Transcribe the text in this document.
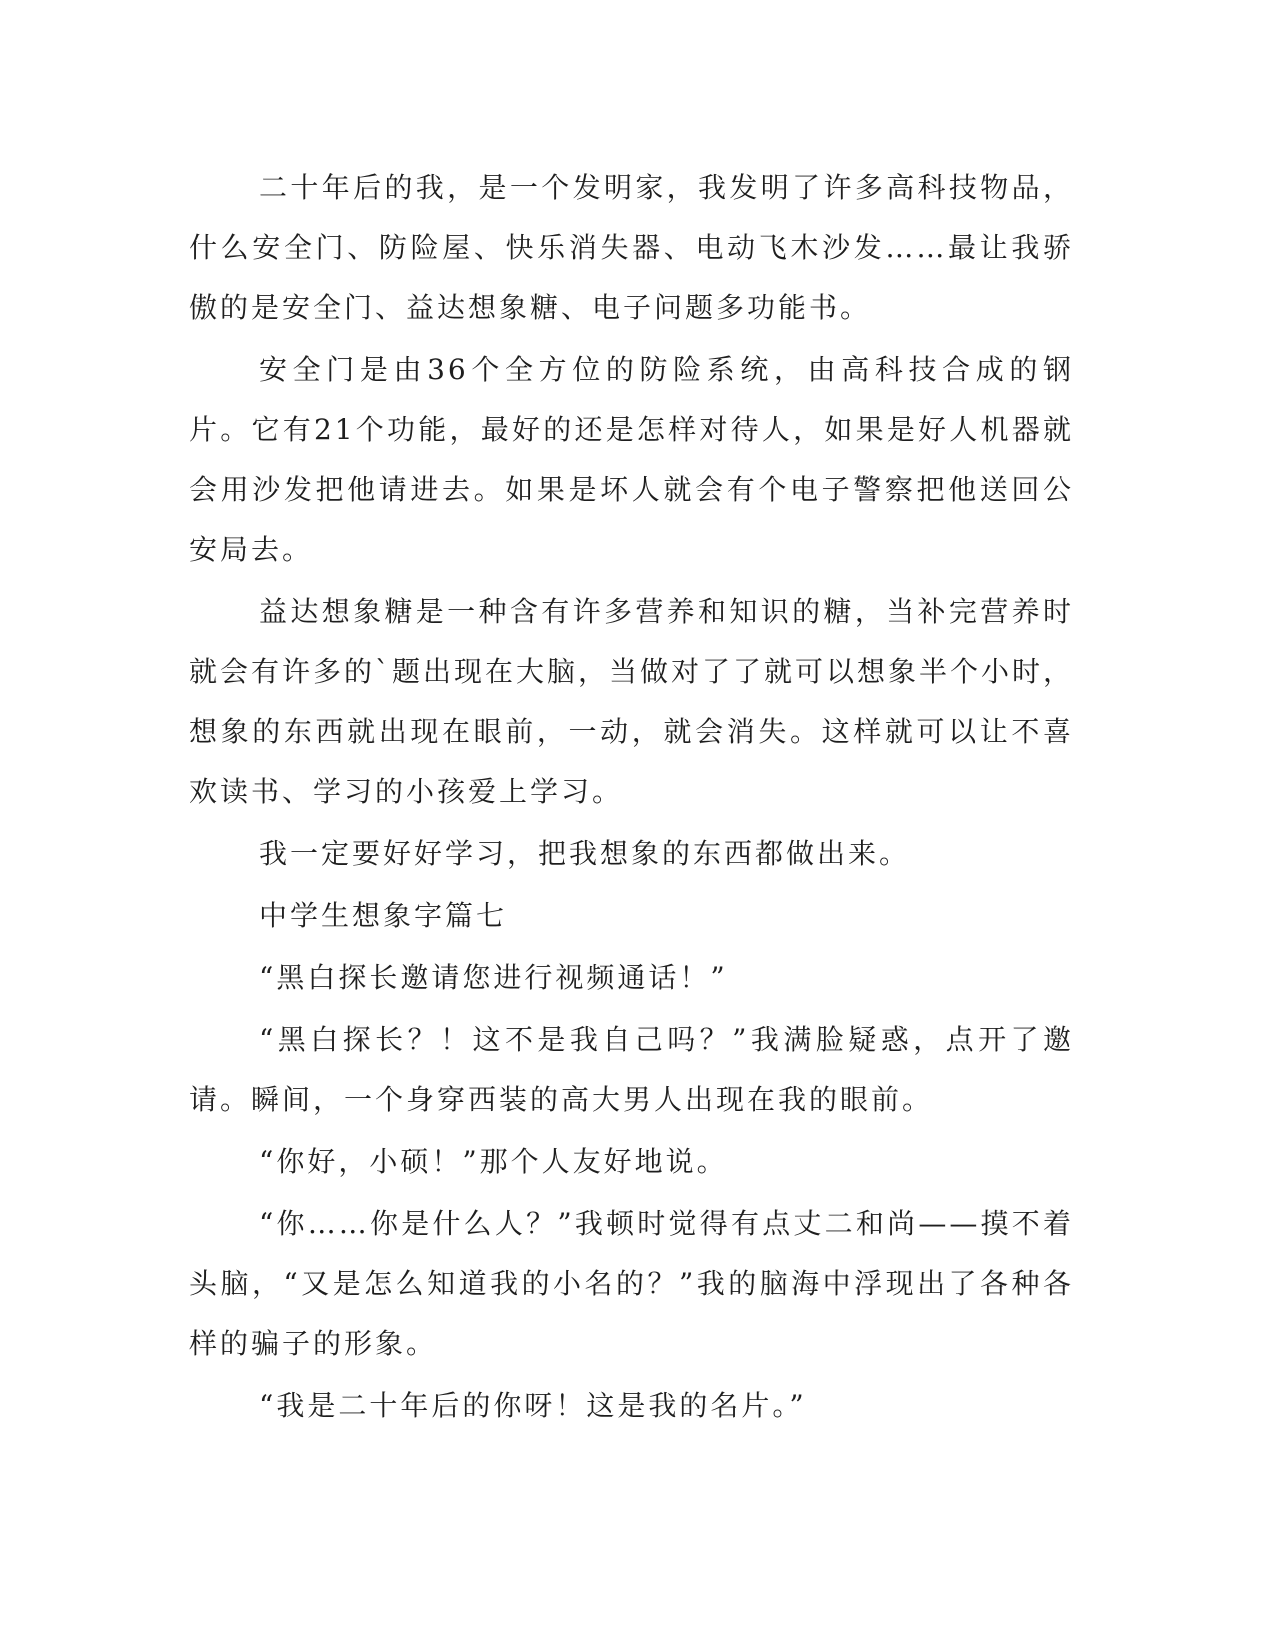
二十年后的我，是一个发明家，我发明了许多高科技物品，什么安全门、防险屋、快乐消失器、电动飞木沙发……最让我骄傲的是安全门、益达想象糖、电子问题多功能书。

安全门是由36个全方位的防险系统，由高科技合成的钢片。它有21个功能，最好的还是怎样对待人，如果是好人机器就会用沙发把他请进去。如果是坏人就会有个电子警察把他送回公安局去。

益达想象糖是一种含有许多营养和知识的糖，当补完营养时就会有许多的`题出现在大脑，当做对了了就可以想象半个小时，想象的东西就出现在眼前，一动，就会消失。这样就可以让不喜欢读书、学习的小孩爱上学习。

我一定要好好学习，把我想象的东西都做出来。

中学生想象字篇七

“黑白探长邀请您进行视频通话！”

“黑白探长？！这不是我自己吗？”我满脸疑惑，点开了邀请。瞬间，一个身穿西装的高大男人出现在我的眼前。

“你好，小硕！”那个人友好地说。

“你……你是什么人？”我顿时觉得有点丈二和尚——摸不着头脑，“又是怎么知道我的小名的？”我的脑海中浮现出了各种各样的骗子的形象。

“我是二十年后的你呀！这是我的名片。”
